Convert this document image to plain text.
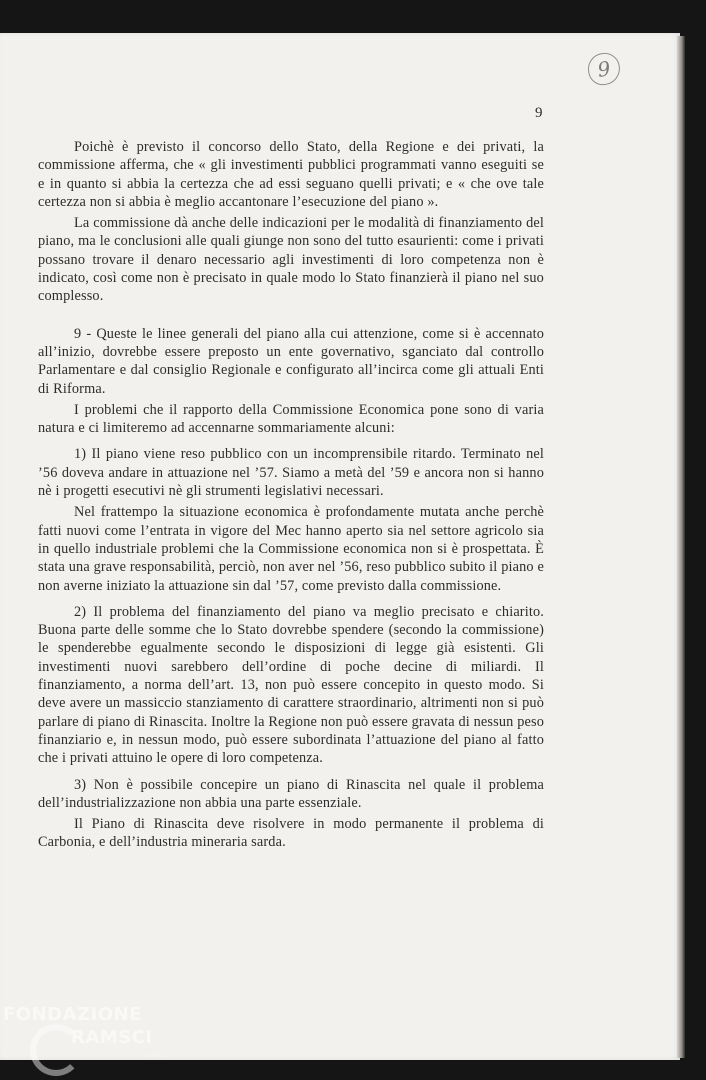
9
9

Poichè è previsto il concorso dello Stato, della Regione e dei privati, la commissione afferma, che « gli investimenti pubblici programmati vanno eseguiti se e in quanto si abbia la certezza che ad essi seguano quelli privati; e « che ove tale certezza non si abbia è meglio accantonare l’esecuzione del piano ».

La commissione dà anche delle indicazioni per le modalità di finanziamento del piano, ma le conclusioni alle quali giunge non sono del tutto esaurienti: come i privati possano trovare il denaro necessario agli investimenti di loro competenza non è indicato, così come non è precisato in quale modo lo Stato finanzierà il piano nel suo complesso.

9 - Queste le linee generali del piano alla cui attenzione, come si è accennato all’inizio, dovrebbe essere preposto un ente governativo, sganciato dal controllo Parlamentare e dal consiglio Regionale e configurato all’incirca come gli attuali Enti di Riforma.

I problemi che il rapporto della Commissione Economica pone sono di varia natura e ci limiteremo ad accennarne sommariamente alcuni:

1) Il piano viene reso pubblico con un incomprensibile ritardo. Terminato nel ’56 doveva andare in attuazione nel ’57. Siamo a metà del ’59 e ancora non si hanno nè i progetti esecutivi nè gli strumenti legislativi necessari.

Nel frattempo la situazione economica è profondamente mutata anche perchè fatti nuovi come l’entrata in vigore del Mec hanno aperto sia nel settore agricolo sia in quello industriale problemi che la Commissione economica non si è prospettata. È stata una grave responsabilità, perciò, non aver nel ’56, reso pubblico subito il piano e non averne iniziato la attuazione sin dal ’57, come previsto dalla commissione.

2) Il problema del finanziamento del piano va meglio precisato e chiarito. Buona parte delle somme che lo Stato dovrebbe spendere (secondo la commissione) le spenderebbe egualmente secondo le disposizioni di legge già esistenti. Gli investimenti nuovi sarebbero dell’ordine di poche decine di miliardi. Il finanziamento, a norma dell’art. 13, non può essere concepito in questo modo. Si deve avere un massiccio stanziamento di carattere straordinario, altrimenti non si può parlare di piano di Rinascita. Inoltre la Regione non può essere gravata di nessun peso finanziario e, in nessun modo, può essere subordinata l’attuazione del piano al fatto che i privati attuino le opere di loro competenza.

3) Non è possibile concepire un piano di Rinascita nel quale il problema dell’industrializzazione non abbia una parte essenziale.

Il Piano di Rinascita deve risolvere in modo permanente il problema di Carbonia, e dell’industria mineraria sarda.

FONDAZIONE
RAMSCI
onlus
